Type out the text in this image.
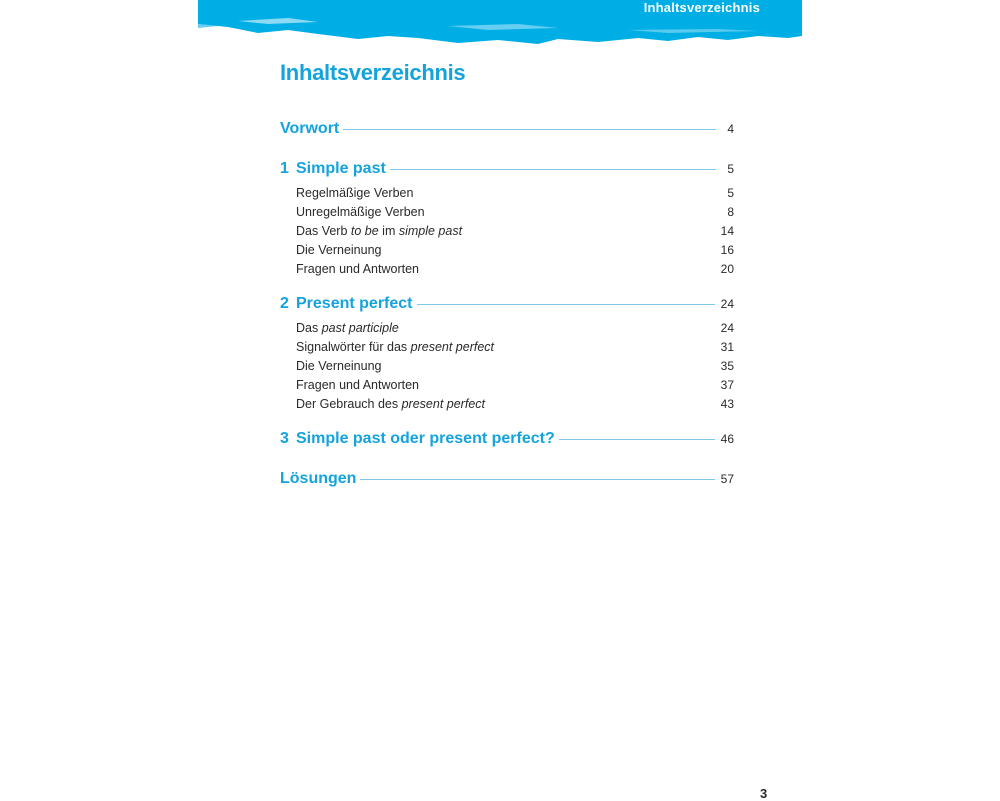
Inhaltsverzeichnis
Inhaltsverzeichnis
Vorwort	4
1 Simple past	5
Regelmäßige Verben	5
Unregelmäßige Verben	8
Das Verb to be im simple past	14
Die Verneinung	16
Fragen und Antworten	20
2 Present perfect	24
Das past participle	24
Signalwörter für das present perfect	31
Die Verneinung	35
Fragen und Antworten	37
Der Gebrauch des present perfect	43
3 Simple past oder present perfect?	46
Lösungen	57
3
